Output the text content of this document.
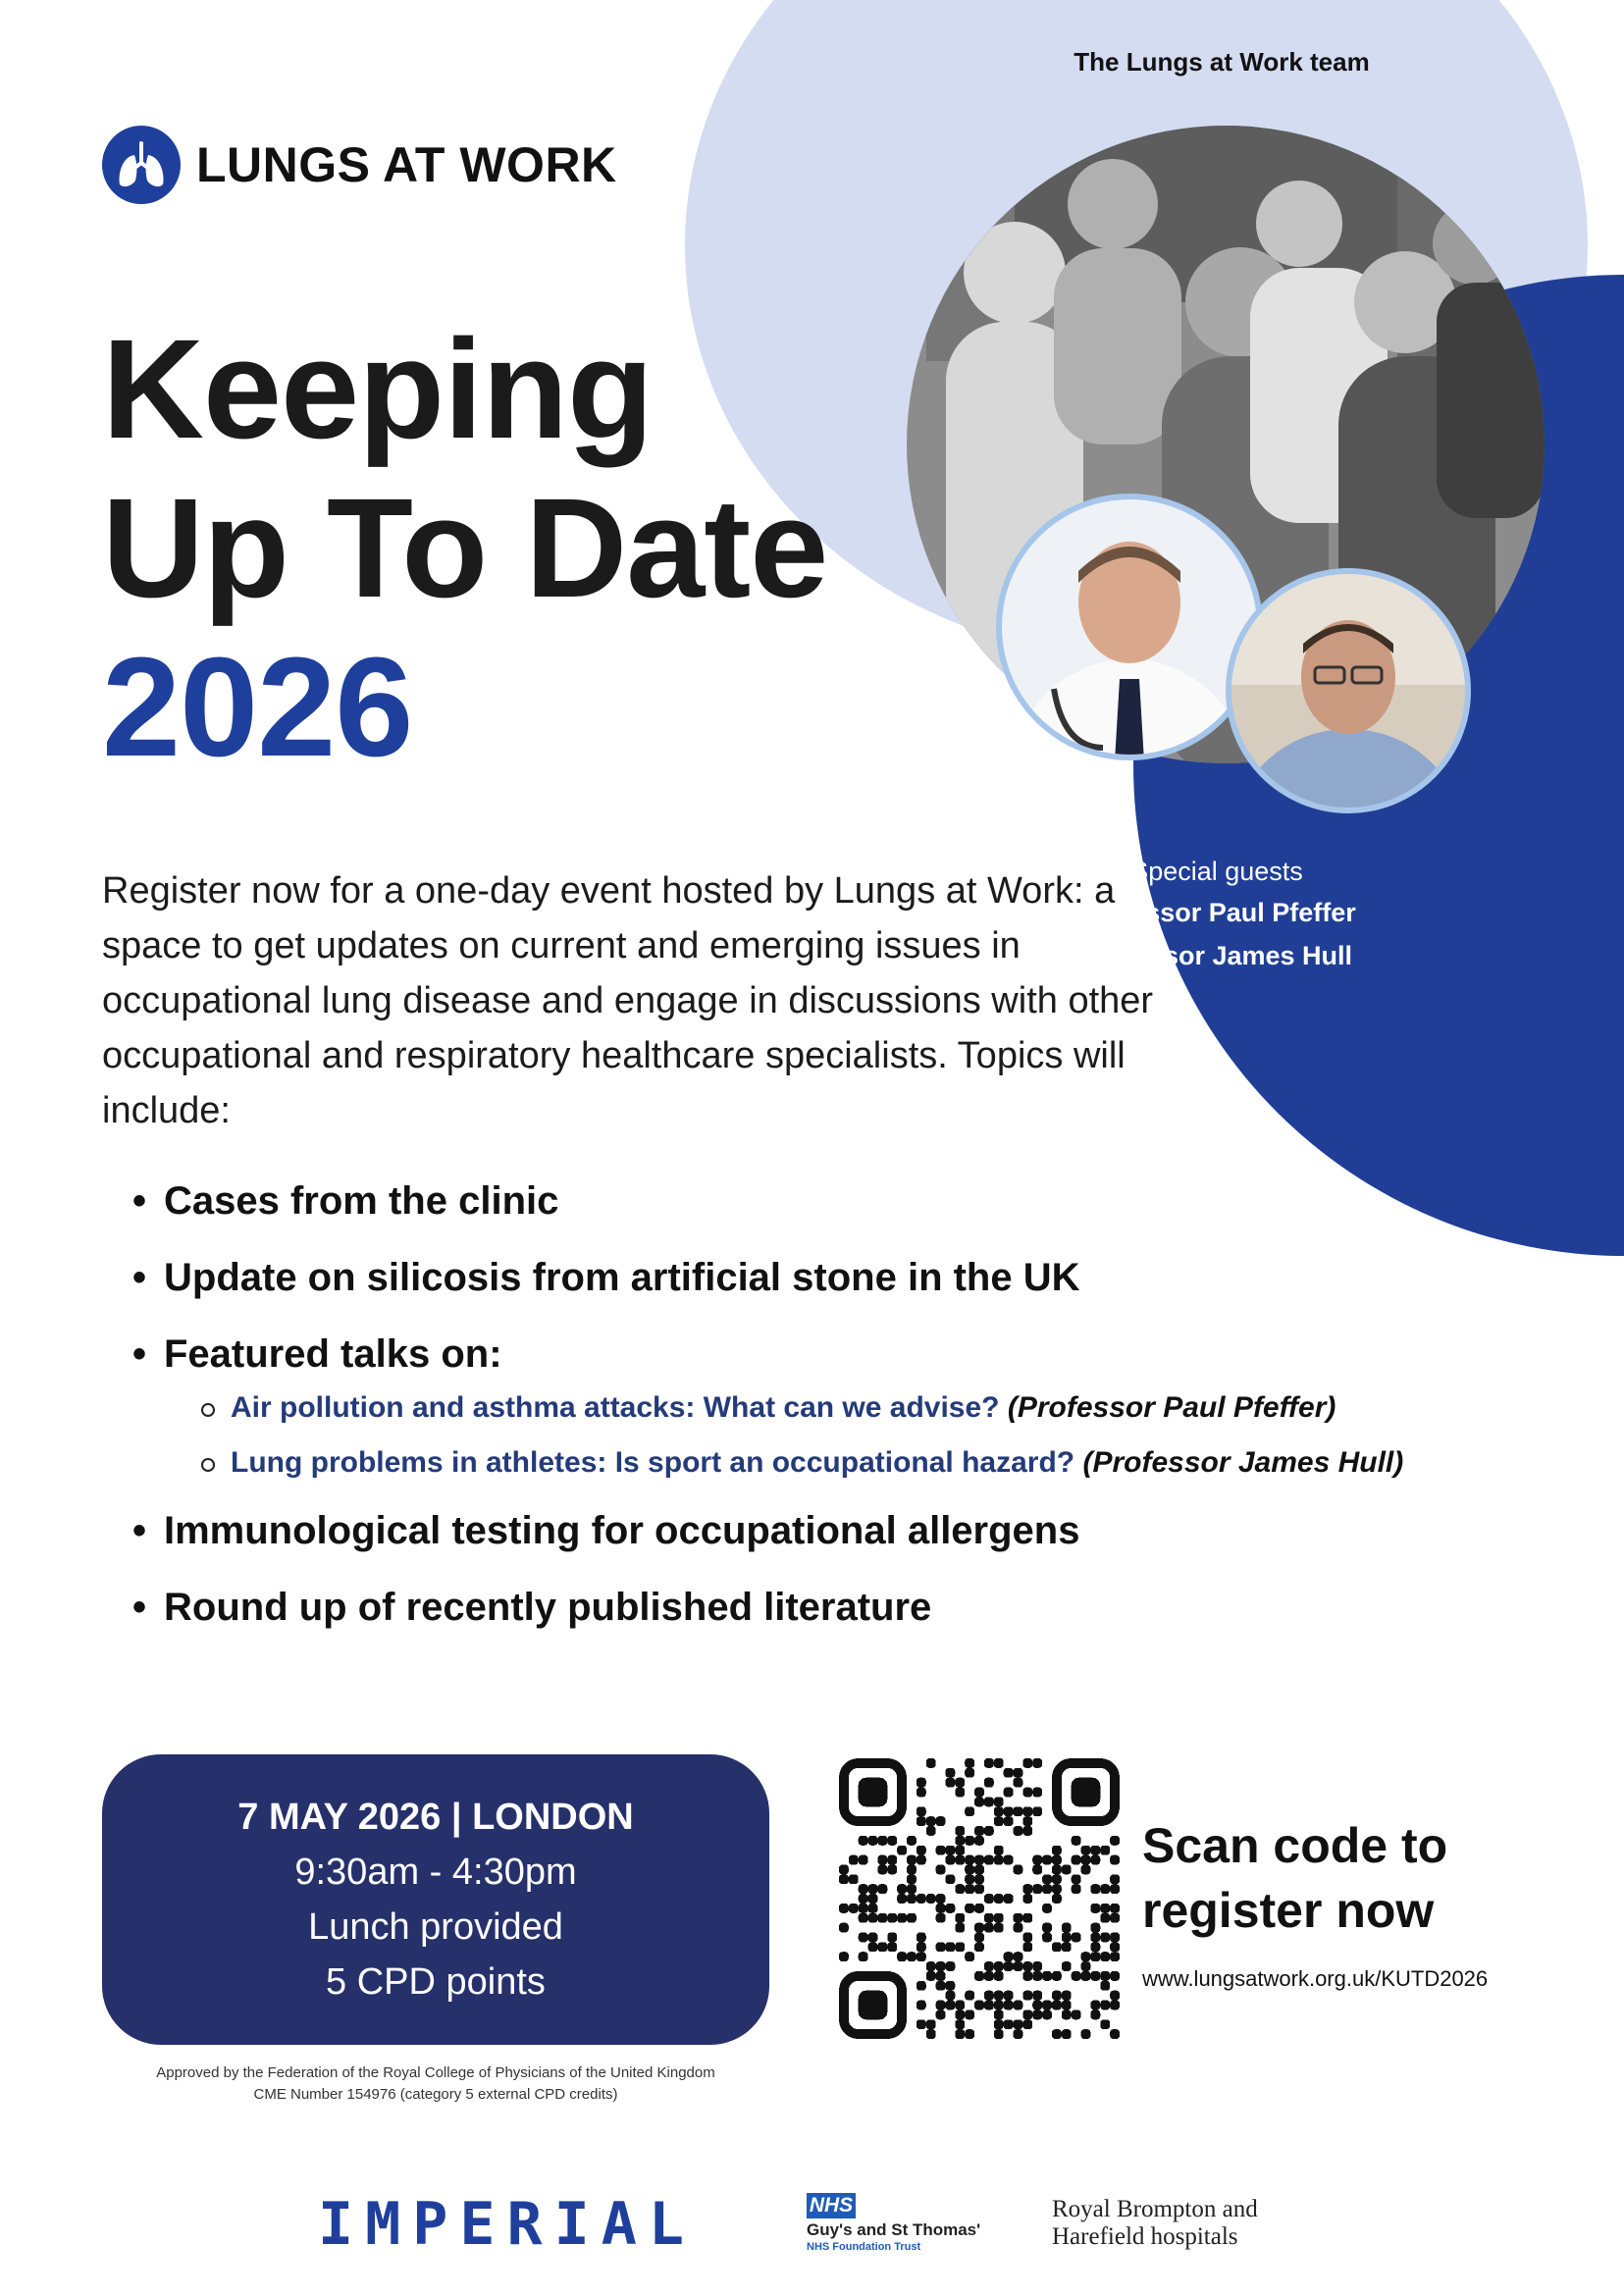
The Lungs at Work team
LUNGS AT WORK
Keeping
Up To Date
2026
Special guests
Professor Paul Pfeffer
Professor James Hull
Register now for a one-day event hosted by Lungs at Work: a space to get updates on current and emerging issues in occupational lung disease and engage in discussions with other occupational and respiratory healthcare specialists. Topics will include:
• Cases from the clinic
• Update on silicosis from artificial stone in the UK
• Featured talks on:
Air pollution and asthma attacks: What can we advise? (Professor Paul Pfeffer)
Lung problems in athletes: Is sport an occupational hazard? (Professor James Hull)
• Immunological testing for occupational allergens
• Round up of recently published literature
7 MAY 2026 | LONDON
9:30am - 4:30pm
Lunch provided
5 CPD points
Approved by the Federation of the Royal College of Physicians of the United Kingdom
CME Number 154976 (category 5 external CPD credits)
Scan code to
register now
www.lungsatwork.org.uk/KUTD2026
IMPERIAL	NHS
Guy's and St Thomas'
NHS Foundation Trust
Royal Brompton and
Harefield hospitals
